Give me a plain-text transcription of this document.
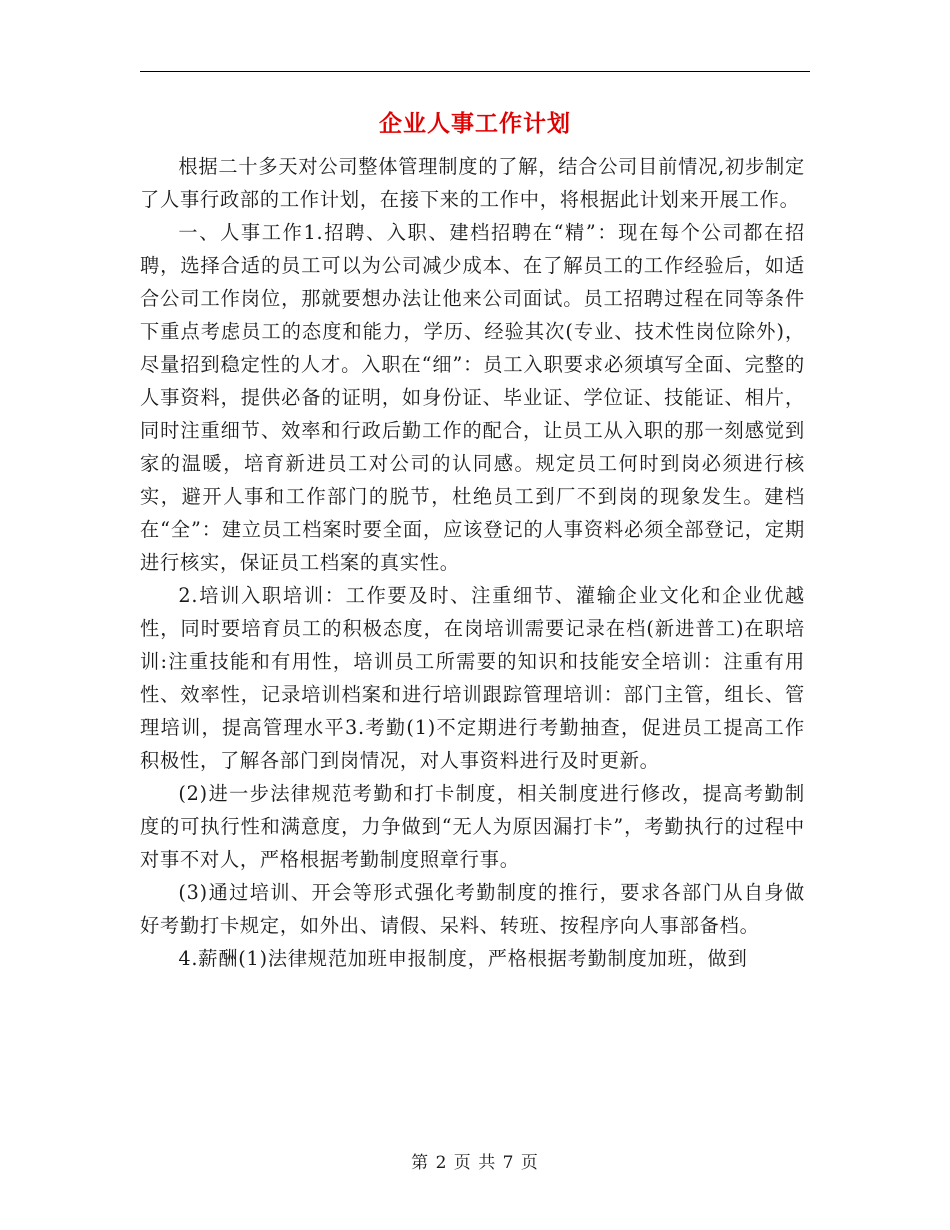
企业人事工作计划

根据二十多天对公司整体管理制度的了解，结合公司目前情况,初步制定了人事行政部的工作计划，在接下来的工作中，将根据此计划来开展工作。

一、人事工作1.招聘、入职、建档招聘在“精”：现在每个公司都在招聘，选择合适的员工可以为公司减少成本、在了解员工的工作经验后，如适合公司工作岗位，那就要想办法让他来公司面试。员工招聘过程在同等条件下重点考虑员工的态度和能力，学历、经验其次(专业、技术性岗位除外)，尽量招到稳定性的人才。入职在“细”：员工入职要求必须填写全面、完整的人事资料，提供必备的证明，如身份证、毕业证、学位证、技能证、相片，同时注重细节、效率和行政后勤工作的配合，让员工从入职的那一刻感觉到家的温暖，培育新进员工对公司的认同感。规定员工何时到岗必须进行核实，避开人事和工作部门的脱节，杜绝员工到厂不到岗的现象发生。建档在“全”：建立员工档案时要全面，应该登记的人事资料必须全部登记，定期进行核实，保证员工档案的真实性。

2.培训入职培训：工作要及时、注重细节、灌输企业文化和企业优越性，同时要培育员工的积极态度，在岗培训需要记录在档(新进普工)在职培训:注重技能和有用性，培训员工所需要的知识和技能安全培训：注重有用性、效率性，记录培训档案和进行培训跟踪管理培训：部门主管，组长、管理培训，提高管理水平3.考勤(1)不定期进行考勤抽查，促进员工提高工作积极性，了解各部门到岗情况，对人事资料进行及时更新。

(2)进一步法律规范考勤和打卡制度，相关制度进行修改，提高考勤制度的可执行性和满意度，力争做到“无人为原因漏打卡”，考勤执行的过程中对事不对人，严格根据考勤制度照章行事。

(3)通过培训、开会等形式强化考勤制度的推行，要求各部门从自身做好考勤打卡规定，如外出、请假、呆料、转班、按程序向人事部备档。

4.薪酬(1)法律规范加班申报制度，严格根据考勤制度加班，做到

第 2 页 共 7 页
